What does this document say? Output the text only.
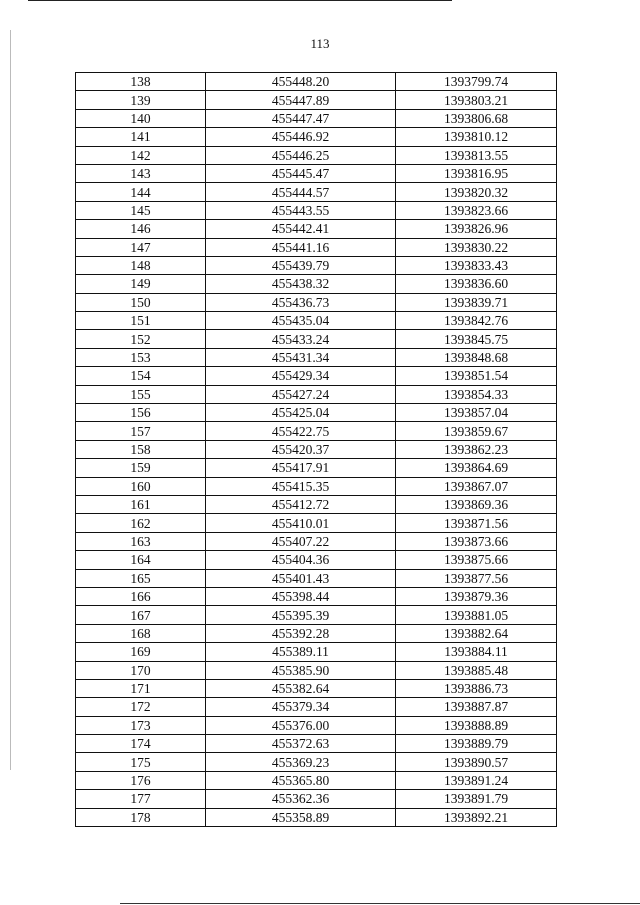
113
138	455448.20	1393799.74
139	455447.89	1393803.21
140	455447.47	1393806.68
141	455446.92	1393810.12
142	455446.25	1393813.55
143	455445.47	1393816.95
144	455444.57	1393820.32
145	455443.55	1393823.66
146	455442.41	1393826.96
147	455441.16	1393830.22
148	455439.79	1393833.43
149	455438.32	1393836.60
150	455436.73	1393839.71
151	455435.04	1393842.76
152	455433.24	1393845.75
153	455431.34	1393848.68
154	455429.34	1393851.54
155	455427.24	1393854.33
156	455425.04	1393857.04
157	455422.75	1393859.67
158	455420.37	1393862.23
159	455417.91	1393864.69
160	455415.35	1393867.07
161	455412.72	1393869.36
162	455410.01	1393871.56
163	455407.22	1393873.66
164	455404.36	1393875.66
165	455401.43	1393877.56
166	455398.44	1393879.36
167	455395.39	1393881.05
168	455392.28	1393882.64
169	455389.11	1393884.11
170	455385.90	1393885.48
171	455382.64	1393886.73
172	455379.34	1393887.87
173	455376.00	1393888.89
174	455372.63	1393889.79
175	455369.23	1393890.57
176	455365.80	1393891.24
177	455362.36	1393891.79
178	455358.89	1393892.21
